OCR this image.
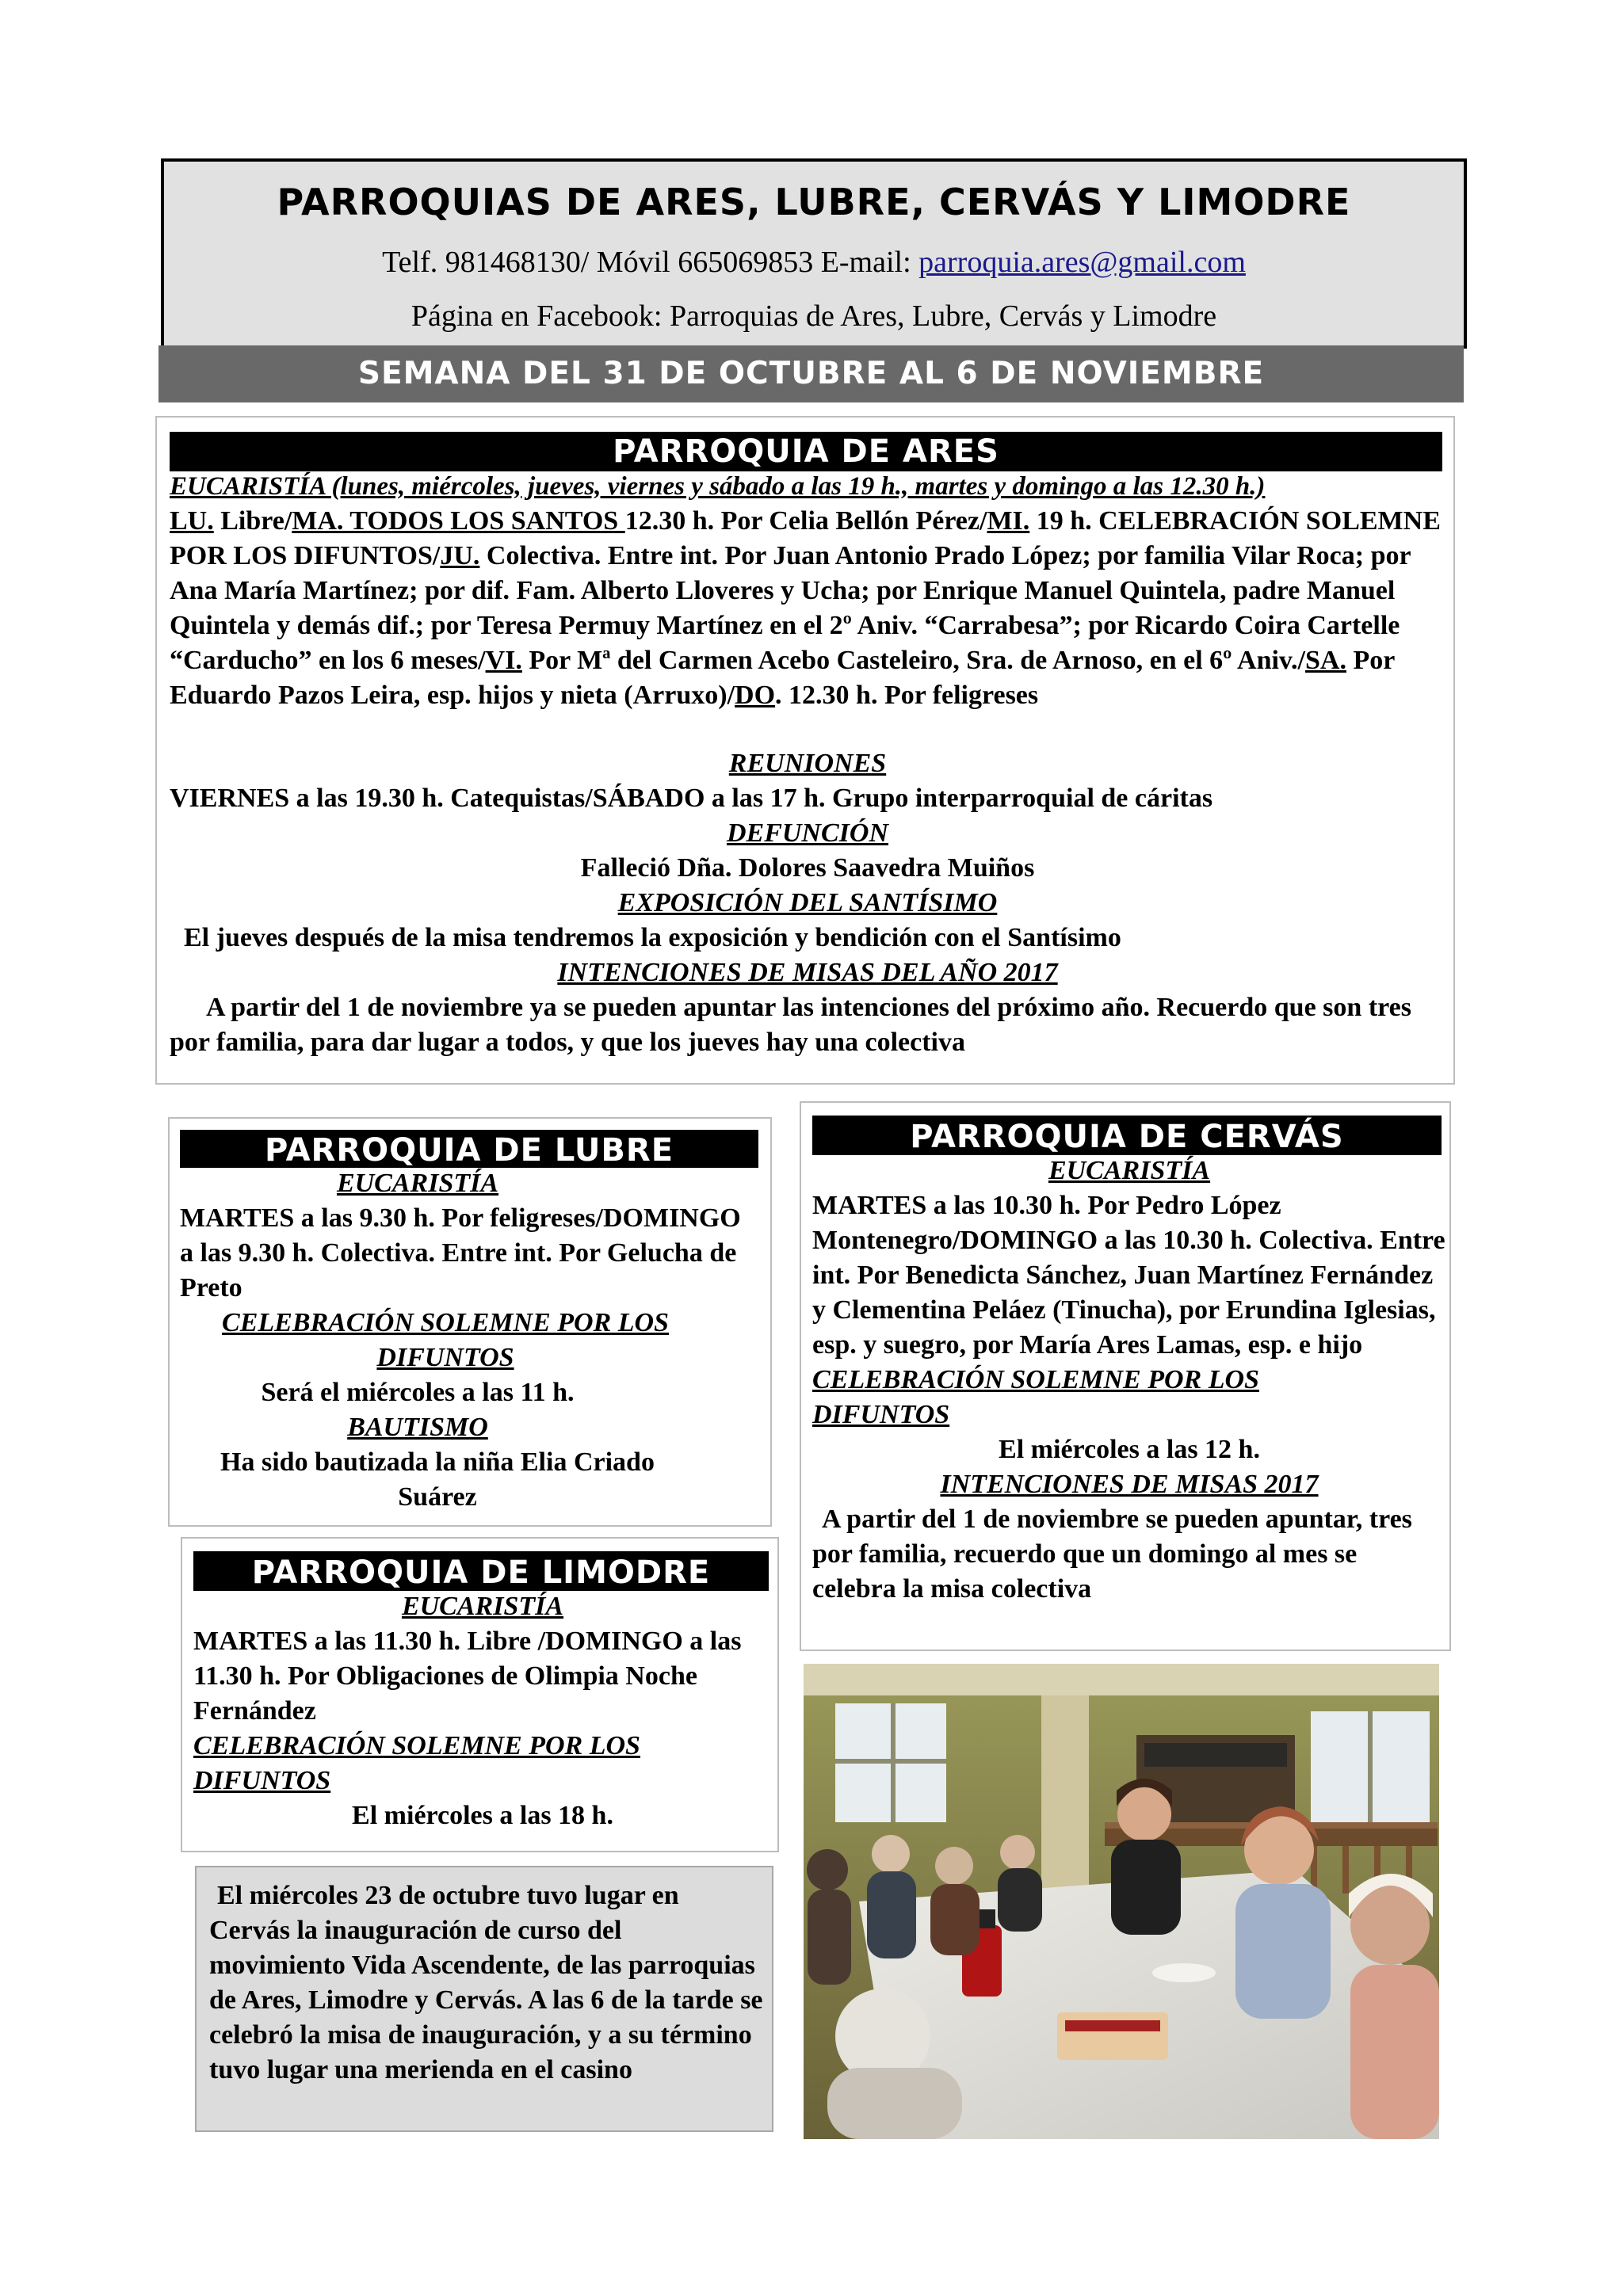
PARROQUIAS DE ARES, LUBRE, CERVÁS Y LIMODRE
Telf. 981468130/ Móvil 665069853 E-mail: parroquia.ares@gmail.com
Página en Facebook: Parroquias de Ares, Lubre, Cervás y Limodre
SEMANA DEL 31 DE OCTUBRE AL 6 DE NOVIEMBRE
PARROQUIA DE ARES
EUCARISTÍA (lunes, miércoles, jueves, viernes y sábado a las 19 h., martes y domingo a las 12.30 h.)
LU. Libre/MA. TODOS LOS SANTOS 12.30 h. Por Celia Bellón Pérez/MI. 19 h. CELEBRACIÓN SOLEMNE POR LOS DIFUNTOS/JU. Colectiva. Entre int. Por Juan Antonio Prado López; por familia Vilar Roca; por Ana María Martínez; por dif. Fam. Alberto Lloveres y Ucha; por Enrique Manuel Quintela, padre Manuel Quintela y demás dif.; por Teresa Permuy Martínez en el 2º Aniv. “Carrabesa”; por Ricardo Coira Cartelle “Carducho” en los 6 meses/VI. Por Mª del Carmen Acebo Casteleiro, Sra. de Arnoso, en el 6º Aniv./SA. Por Eduardo Pazos Leira, esp. hijos y nieta (Arruxo)/DO. 12.30 h. Por feligreses
REUNIONES
VIERNES a las 19.30 h. Catequistas/SÁBADO a las 17 h. Grupo interparroquial de cáritas
DEFUNCIÓN
Falleció Dña. Dolores Saavedra Muiños
EXPOSICIÓN DEL SANTÍSIMO
El jueves después de la misa tendremos la exposición y bendición con el Santísimo
INTENCIONES DE MISAS DEL AÑO 2017
A partir del 1 de noviembre ya se pueden apuntar las intenciones del próximo año. Recuerdo que son tres por familia, para dar lugar a todos, y que los jueves hay una colectiva
PARROQUIA DE LUBRE
EUCARISTÍA
MARTES a las 9.30 h. Por feligreses/DOMINGO a las 9.30 h. Colectiva. Entre int. Por Gelucha de Preto
CELEBRACIÓN SOLEMNE POR LOS DIFUNTOS
Será el miércoles a las 11 h.
BAUTISMO
Ha sido bautizada la niña Elia Criado Suárez
PARROQUIA DE CERVÁS
EUCARISTÍA
MARTES a las 10.30 h. Por Pedro López Montenegro/DOMINGO a las 10.30 h. Colectiva. Entre int. Por Benedicta Sánchez, Juan Martínez Fernández y Clementina Peláez (Tinucha), por Erundina Iglesias, esp. y suegro, por María Ares Lamas, esp. e hijo
CELEBRACIÓN SOLEMNE POR LOS DIFUNTOS
El miércoles a las 12 h.
INTENCIONES DE MISAS 2017
A partir del 1 de noviembre se pueden apuntar, tres por familia, recuerdo que un domingo al mes se celebra la misa colectiva
PARROQUIA DE LIMODRE
EUCARISTÍA
MARTES a las 11.30 h. Libre /DOMINGO a las 11.30 h. Por Obligaciones de Olimpia Noche Fernández
CELEBRACIÓN SOLEMNE POR LOS DIFUNTOS
El miércoles a las 18 h.
El miércoles 23 de octubre tuvo lugar en Cervás la inauguración de curso del movimiento Vida Ascendente, de las parroquias de Ares, Limodre y Cervás. A las 6 de la tarde se celebró la misa de inauguración, y a su término tuvo lugar una merienda en el casino
